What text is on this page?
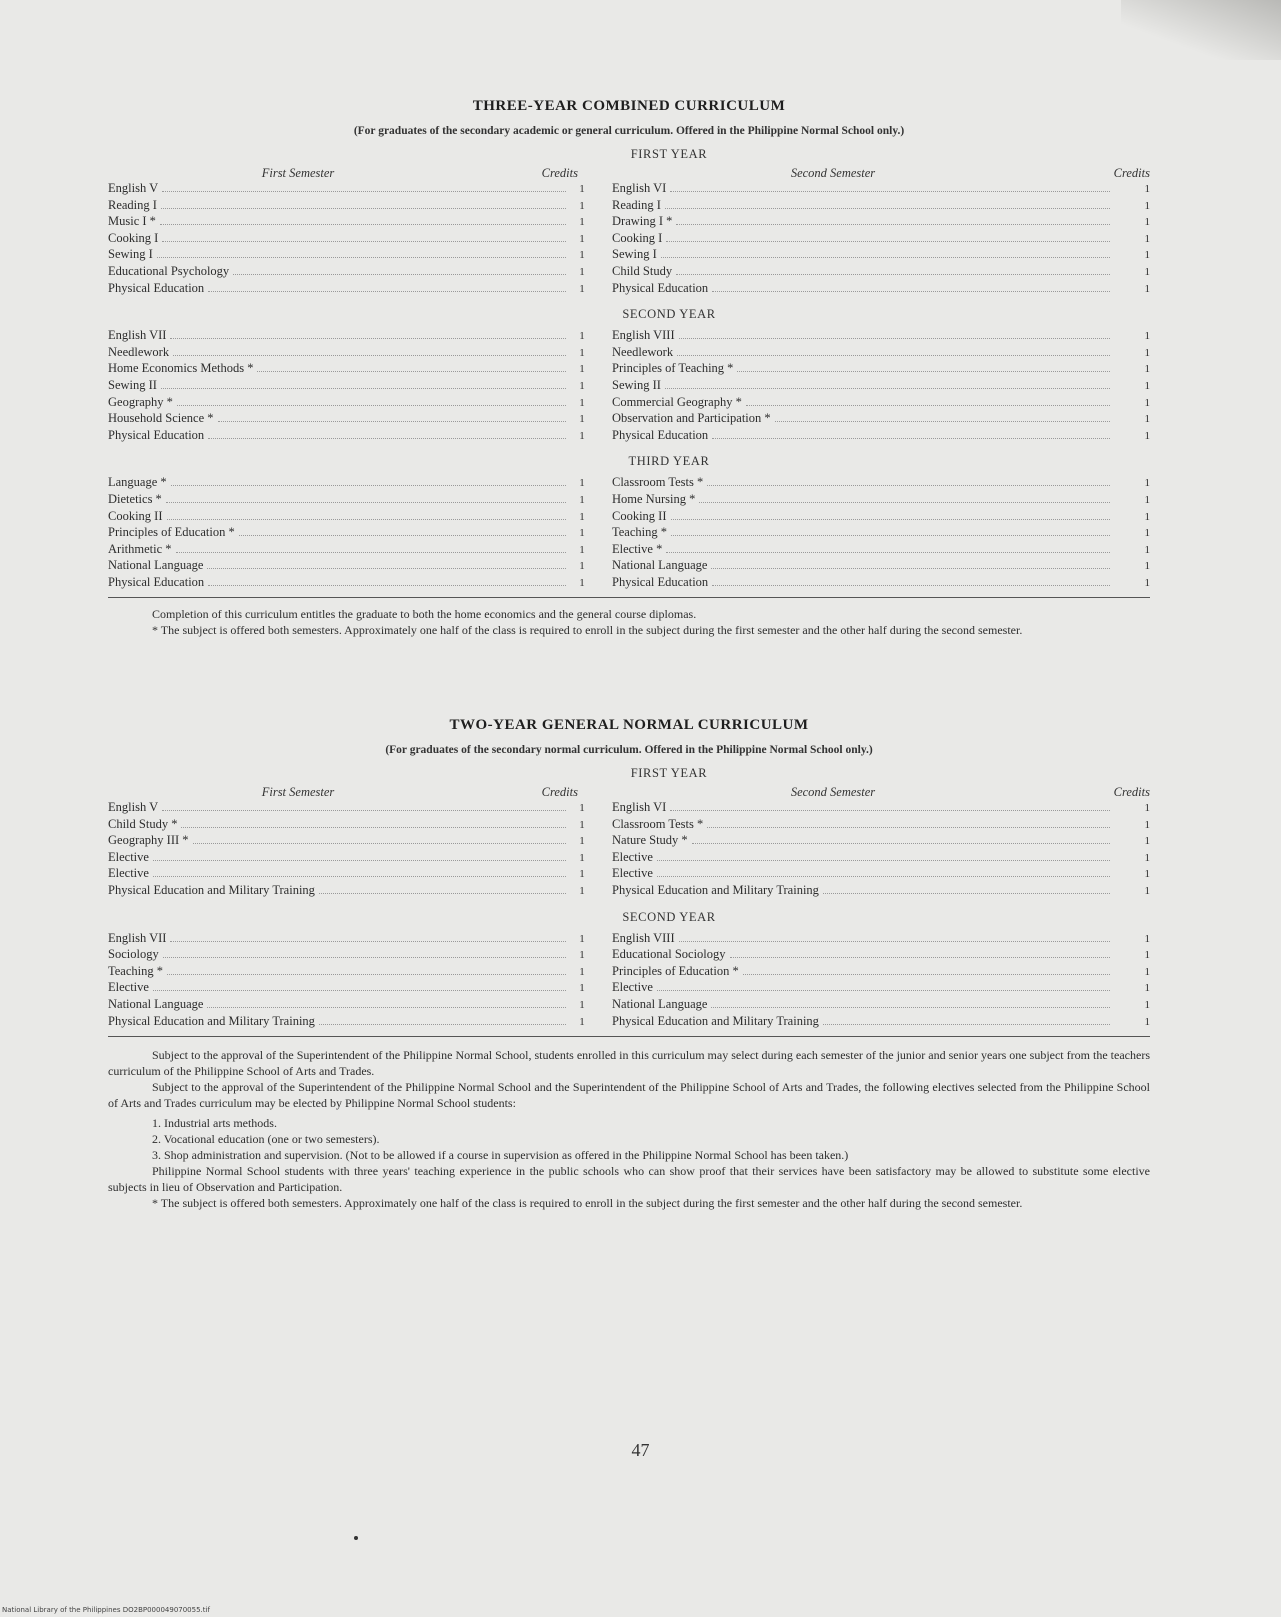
THREE-YEAR COMBINED CURRICULUM
(For graduates of the secondary academic or general curriculum. Offered in the Philippine Normal School only.)
FIRST YEAR
First Semester	Credits	Second Semester	Credits
English V	1	English VI	1
Reading I	1	Reading I	1
Music I *	1	Drawing I *	1
Cooking I	1	Cooking I	1
Sewing I	1	Sewing I	1
Educational Psychology	1	Child Study	1
Physical Education	1	Physical Education	1
SECOND YEAR
English VII	1	English VIII	1
Needlework	1	Needlework	1
Home Economics Methods *	1	Principles of Teaching *	1
Sewing II	1	Sewing II	1
Geography *	1	Commercial Geography *	1
Household Science *	1	Observation and Participation *	1
Physical Education	1	Physical Education	1
THIRD YEAR
Language *	1	Classroom Tests *	1
Dietetics *	1	Home Nursing *	1
Cooking II	1	Cooking II	1
Principles of Education *	1	Teaching *	1
Arithmetic *	1	Elective *	1
National Language	1	National Language	1
Physical Education	1	Physical Education	1
Completion of this curriculum entitles the graduate to both the home economics and the general course diplomas.
* The subject is offered both semesters. Approximately one half of the class is required to enroll in the subject during the first semester and the other half during the second semester.
TWO-YEAR GENERAL NORMAL CURRICULUM
(For graduates of the secondary normal curriculum. Offered in the Philippine Normal School only.)
FIRST YEAR
First Semester	Credits	Second Semester	Credits
English V	1	English VI	1
Child Study *	1	Classroom Tests *	1
Geography III *	1	Nature Study *	1
Elective	1	Elective	1
Elective	1	Elective	1
Physical Education and Military Training	1	Physical Education and Military Training	1
SECOND YEAR
English VII	1	English VIII	1
Sociology	1	Educational Sociology	1
Teaching *	1	Principles of Education *	1
Elective	1	Elective	1
National Language	1	National Language	1
Physical Education and Military Training	1	Physical Education and Military Training	1
Subject to the approval of the Superintendent of the Philippine Normal School, students enrolled in this curriculum may select during each semester of the junior and senior years one subject from the teachers curriculum of the Philippine School of Arts and Trades.
Subject to the approval of the Superintendent of the Philippine Normal School and the Superintendent of the Philippine School of Arts and Trades, the following electives selected from the Philippine School of Arts and Trades curriculum may be elected by Philippine Normal School students:
1. Industrial arts methods.
2. Vocational education (one or two semesters).
3. Shop administration and supervision. (Not to be allowed if a course in supervision as offered in the Philippine Normal School has been taken.)
Philippine Normal School students with three years' teaching experience in the public schools who can show proof that their services have been satisfactory may be allowed to substitute some elective subjects in lieu of Observation and Participation.
* The subject is offered both semesters. Approximately one half of the class is required to enroll in the subject during the first semester and the other half during the second semester.
47
National Library of the Philippines DO2BP000049070055.tif
